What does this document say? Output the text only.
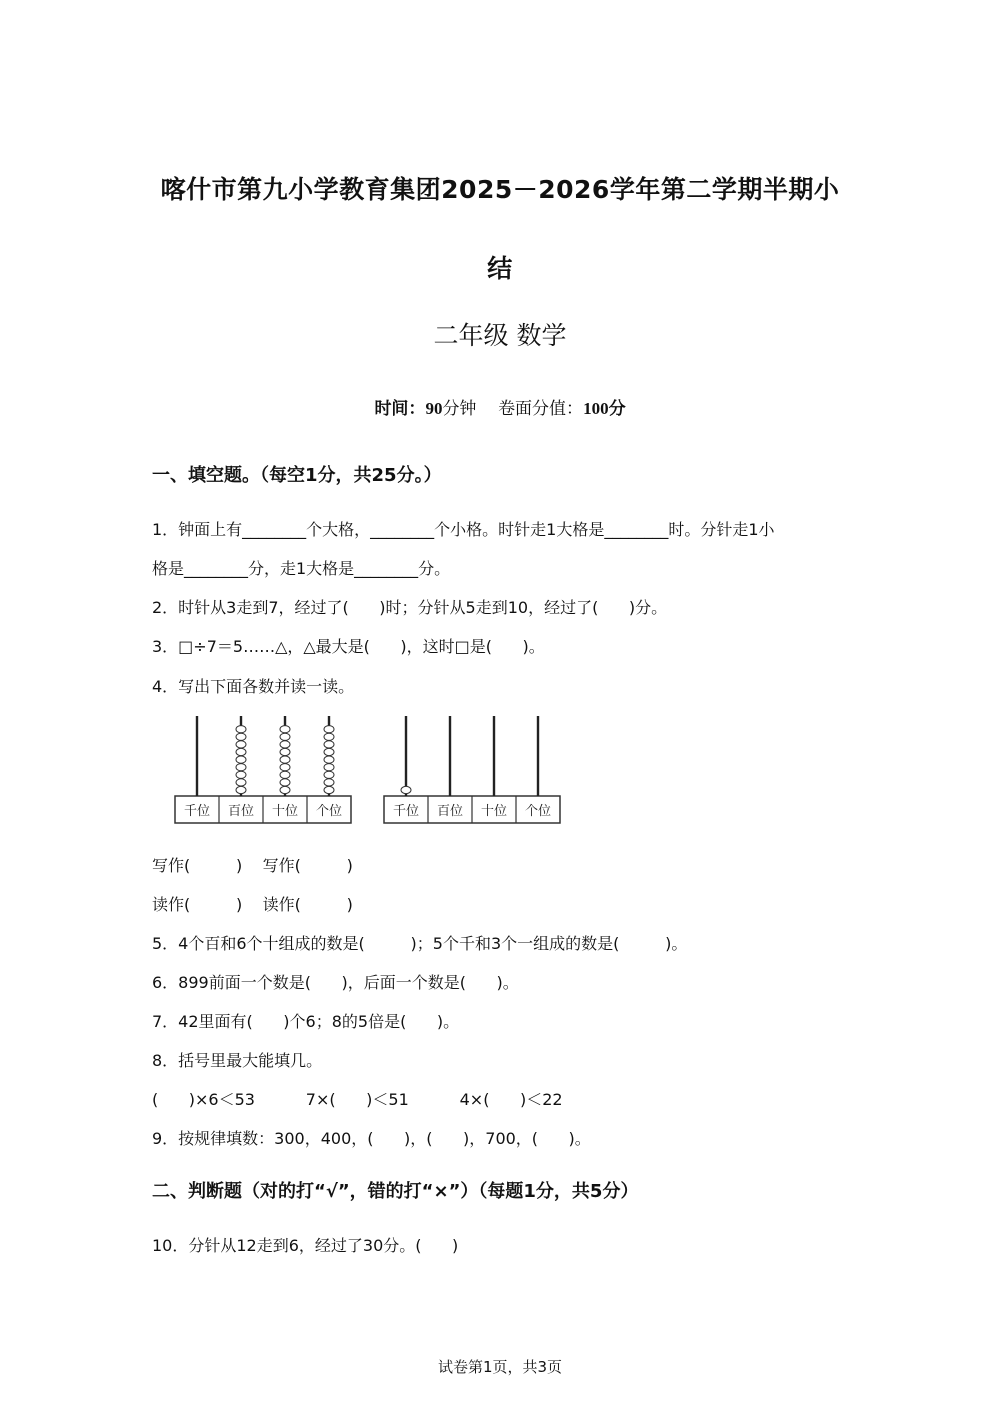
喀什市第九小学教育集团2025－2026学年第二学期半期小
结
二年级 数学
时间：90分钟 卷面分值：100分
一、填空题。（每空1分，共25分。）
1．钟面上有________个大格，________个小格。时针走1大格是________时。分针走1小
格是________分，走1大格是________分。
2．时针从3走到7，经过了(      )时；分针从5走到10，经过了(      )分。
3．□÷7＝5……△，△最大是(      )，这时□是(      )。
4．写出下面各数并读一读。
千位 百位 十位 个位	千位 百位 十位 个位
写作(         )    写作(         )
读作(         )    读作(         )
5．4个百和6个十组成的数是(         )；5个千和3个一组成的数是(         )。
6．899前面一个数是(      )，后面一个数是(      )。
7．42里面有(      )个6；8的5倍是(      )。
8．括号里最大能填几。
(      )×6＜53          7×(      )＜51          4×(      )＜22
9．按规律填数：300，400，(      )，(      )，700，(      )。
二、判断题（对的打“√”，错的打“×”）（每题1分，共5分）
10．分针从12走到6，经过了30分。(      )
试卷第1页，共3页
